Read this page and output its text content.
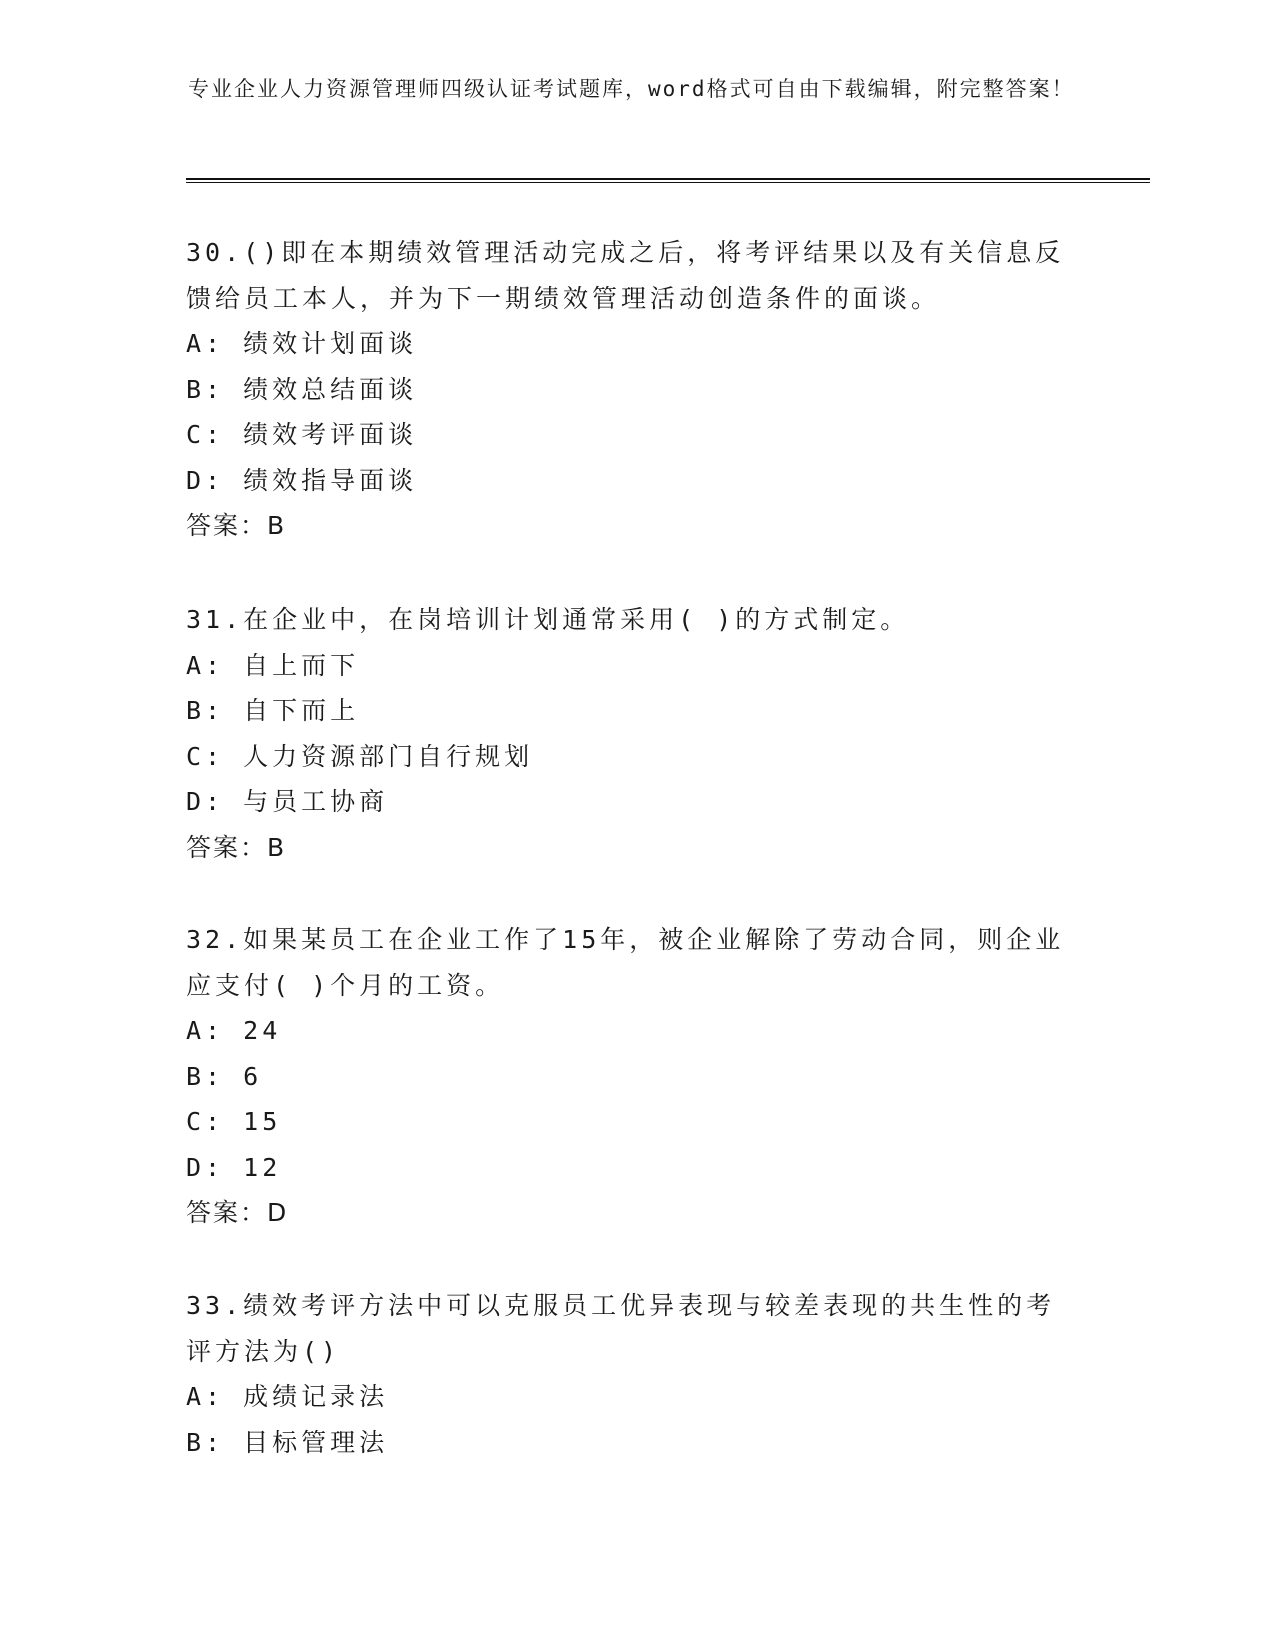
专业企业人力资源管理师四级认证考试题库，word格式可自由下载编辑，附完整答案！

30.()即在本期绩效管理活动完成之后，将考评结果以及有关信息反馈给员工本人，并为下一期绩效管理活动创造条件的面谈。

A: 绩效计划面谈

B: 绩效总结面谈

C: 绩效考评面谈

D: 绩效指导面谈

答案：B

31.在企业中，在岗培训计划通常采用( )的方式制定。

A: 自上而下

B: 自下而上

C: 人力资源部门自行规划

D: 与员工协商

答案：B

32.如果某员工在企业工作了15年，被企业解除了劳动合同，则企业应支付( )个月的工资。

A: 24

B: 6

C: 15

D: 12

答案：D

33.绩效考评方法中可以克服员工优异表现与较差表现的共生性的考评方法为()

A: 成绩记录法

B: 目标管理法
